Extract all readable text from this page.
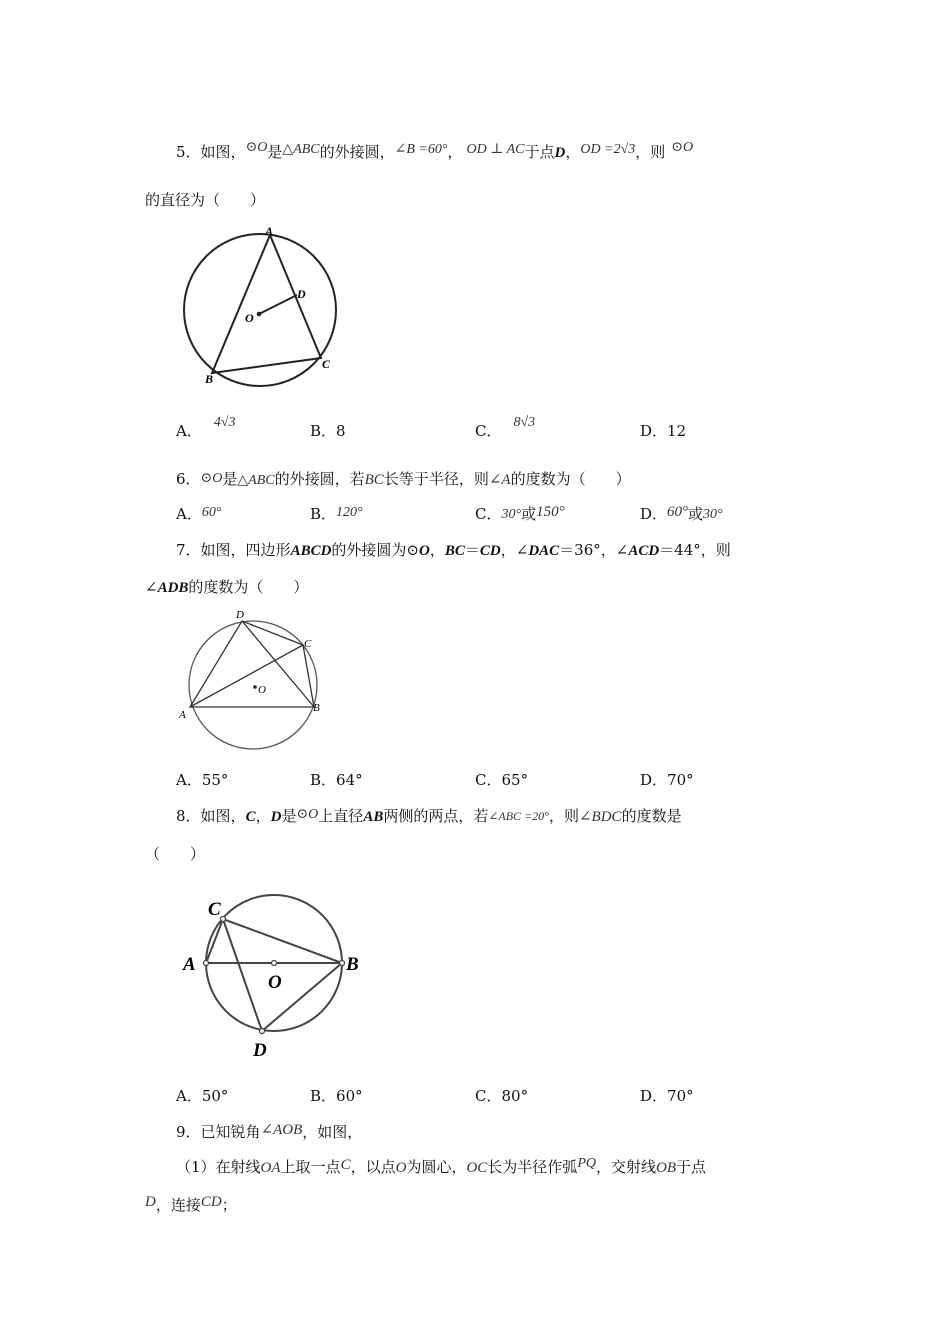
5．如图，⊙O是△ABC的外接圆，∠B =60°， OD ⊥ AC于点D，OD =2√3，则 ⊙O
的直径为（　　）
A
B
C
D
O
A． 4√3	B．8	C． 8√3	D．12
6．⊙O是△ABC的外接圆，若BC长等于半径，则∠A的度数为（　　）
A．60°	B．120°	C．30°或150°	D．60°或30°
7．如图，四边形ABCD的外接圆为⊙O，BC＝CD，∠DAC＝36°，∠ACD＝44°，则
∠ADB的度数为（　　）
D
C
A
B
O
A．55°	B．64°	C．65°	D．70°
8．如图，C，D是⊙O上直径AB两侧的两点，若∠ABC =20°，则∠BDC的度数是
（　　）
C
A	B
O
D
A．50°	B．60°	C．80°	D．70°
9．已知锐角∠AOB，如图，
（1）在射线OA上取一点C，以点O为圆心，OC长为半径作弧PQ，交射线OB于点
D，连接CD；
